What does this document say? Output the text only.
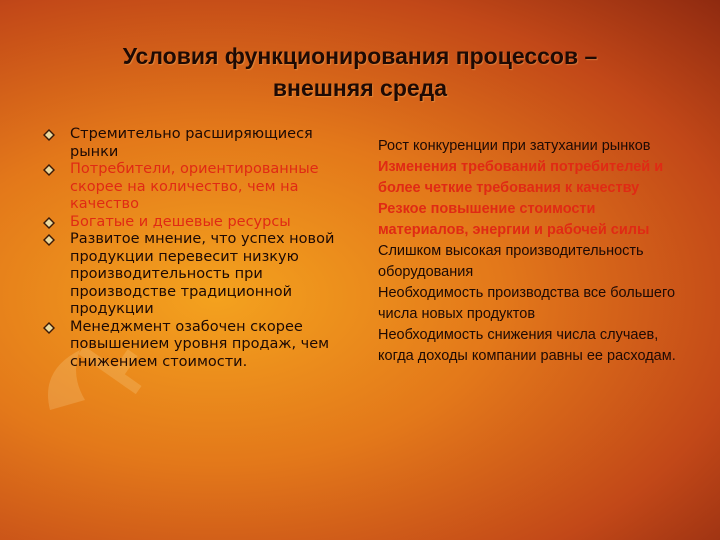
Условия функционирования процессов –
внешняя среда
Стремительно расширяющиеся рынки
Потребители, ориентированные скорее на количество, чем на качество
Богатые и дешевые ресурсы
Развитое мнение, что успех новой продукции перевесит низкую производительность при производстве традиционной продукции
Менеджмент озабочен скорее повышением уровня продаж, чем снижением стоимости.

Рост конкуренции при затухании рынков

Изменения требований потребителей и более четкие требования к качеству

Резкое повышение стоимости материалов, энергии и рабочей силы

Слишком высокая производительность оборудования

Необходимость производства все большего числа новых продуктов

Необходимость снижения числа случаев, когда доходы компании равны ее расходам.
